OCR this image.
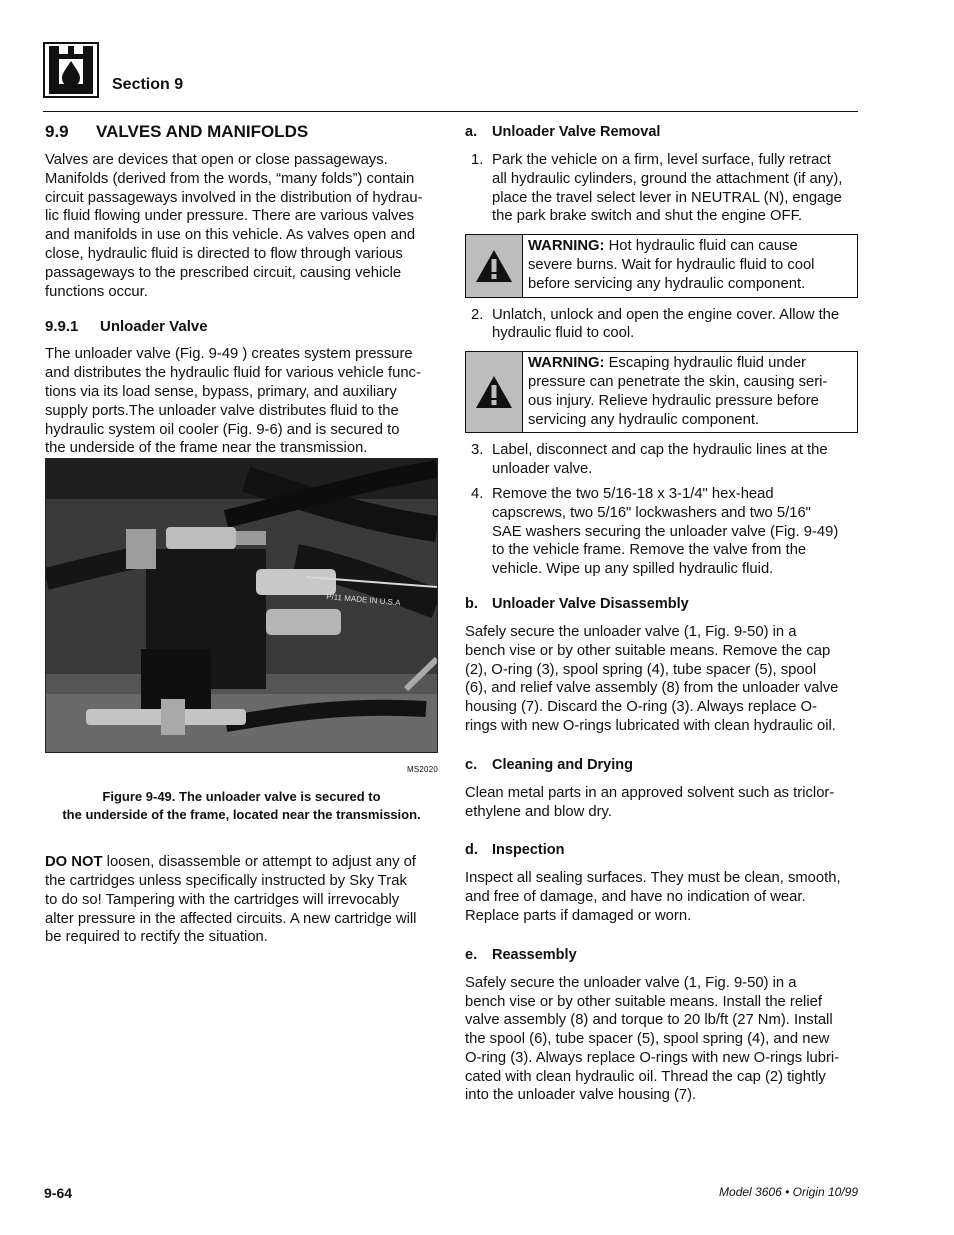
Section 9
9.9 VALVES AND MANIFOLDS

Valves are devices that open or close passageways.
Manifolds (derived from the words, “many folds”) contain
circuit passageways involved in the distribution of hydrau-
lic fluid flowing under pressure. There are various valves
and manifolds in use on this vehicle. As valves open and
close, hydraulic fluid is directed to flow through various
passageways to the prescribed circuit, causing vehicle
functions occur.

9.9.1 Unloader Valve

The unloader valve (Fig. 9-49 ) creates system pressure
and distributes the hydraulic fluid for various vehicle func-
tions via its load sense, bypass, primary, and auxiliary
supply ports.The unloader valve distributes fluid to the
hydraulic system oil cooler (Fig. 9-6) and is secured to
the underside of the frame near the transmission.

P/11 MADE IN U.S.A
MS2020
Figure 9-49. The unloader valve is secured to
the underside of the frame, located near the transmission.

DO NOT loosen, disassemble or attempt to adjust any of
the cartridges unless specifically instructed by Sky Trak
to do so! Tampering with the cartridges will irrevocably
alter pressure in the affected circuits. A new cartridge will
be required to rectify the situation.

a. Unloader Valve Removal
1. Park the vehicle on a firm, level surface, fully retract
all hydraulic cylinders, ground the attachment (if any),
place the travel select lever in NEUTRAL (N), engage
the park brake switch and shut the engine OFF.
WARNING: Hot hydraulic fluid can cause
severe burns. Wait for hydraulic fluid to cool
before servicing any hydraulic component.
2. Unlatch, unlock and open the engine cover. Allow the
hydraulic fluid to cool.
WARNING: Escaping hydraulic fluid under
pressure can penetrate the skin, causing seri-
ous injury. Relieve hydraulic pressure before
servicing any hydraulic component.
3. Label, disconnect and cap the hydraulic lines at the
unloader valve.
4. Remove the two 5/16-18 x 3-1/4" hex-head
capscrews, two 5/16" lockwashers and two 5/16"
SAE washers securing the unloader valve (Fig. 9-49)
to the vehicle frame. Remove the valve from the
vehicle. Wipe up any spilled hydraulic fluid.
b. Unloader Valve Disassembly

Safely secure the unloader valve (1, Fig. 9-50) in a
bench vise or by other suitable means. Remove the cap
(2), O-ring (3), spool spring (4), tube spacer (5), spool
(6), and relief valve assembly (8) from the unloader valve
housing (7). Discard the O-ring (3). Always replace O-
rings with new O-rings lubricated with clean hydraulic oil.

c. Cleaning and Drying

Clean metal parts in an approved solvent such as triclor-
ethylene and blow dry.

d. Inspection

Inspect all sealing surfaces. They must be clean, smooth,
and free of damage, and have no indication of wear.
Replace parts if damaged or worn.

e. Reassembly

Safely secure the unloader valve (1, Fig. 9-50) in a
bench vise or by other suitable means. Install the relief
valve assembly (8) and torque to 20 lb/ft (27 Nm). Install
the spool (6), tube spacer (5), spool spring (4), and new
O-ring (3). Always replace O-rings with new O-rings lubri-
cated with clean hydraulic oil. Thread the cap (2) tightly
into the unloader valve housing (7).

9-64	Model 3606 • Origin 10/99
